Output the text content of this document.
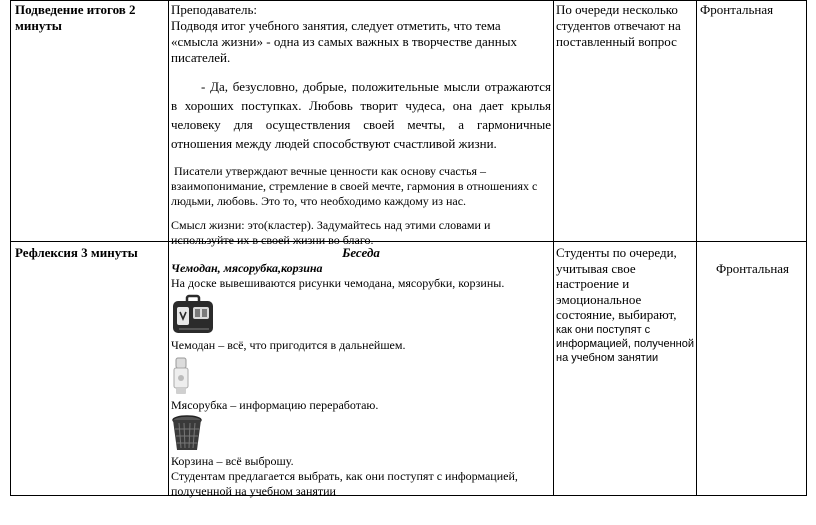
Подведение итогов 2 минуты

Преподаватель:

Подводя итог учебного занятия, следует отметить, что тема «смысла жизни» - одна из самых важных в творчестве данных писателей.

- Да, безусловно, добрые, положительные мысли отражаются в хороших поступках. Любовь творит чудеса, она дает крылья человеку для осуществления своей мечты, а гармоничные отношения между людей способствуют счастливой жизни.

Писатели утверждают вечные ценности как основу счастья – взаимопонимание, стремление в своей мечте, гармония в отношениях с людьми, любовь. Это то, что необходимо каждому из нас.

Смысл жизни: это(кластер). Задумайтесь над этими словами и используйте их в своей жизни во благо.

По очереди несколько студентов отвечают на поставленный вопрос
Фронтальная
Рефлексия 3 минуты	Беседа

Чемодан, мясорубка,корзина

На доске вывешиваются рисунки чемодана, мясорубки, корзины.

Чемодан – всё, что пригодится в дальнейшем.

Мясорубка – информацию переработаю.

Корзина – всё выброшу.

Студентам предлагается выбрать, как они поступят с информацией, полученной на учебном занятии

Студенты по очереди, учитывая свое настроение и эмоциональное состояние, выбирают,

как они поступят с информацией, полученной на учебном занятии

Фронтальная
